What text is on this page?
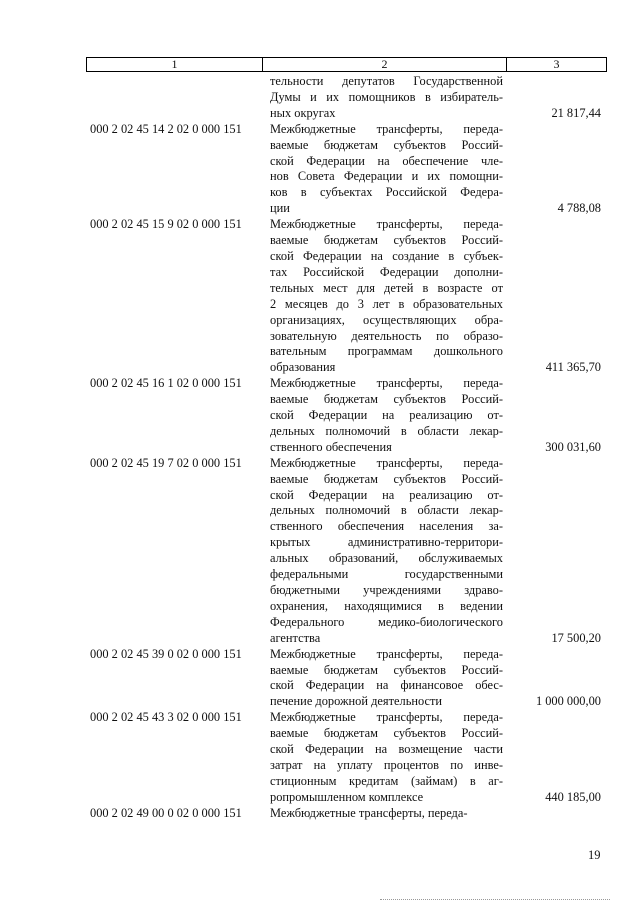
1	2	3
тельности депутатов Государственной
Думы и их помощников в избиратель-
ных округах	21 817,44
000 2 02 45 14 2 02 0 000 151	Межбюджетные трансферты, переда-
ваемые бюджетам субъектов Россий-
ской Федерации на обеспечение чле-
нов Совета Федерации и их помощни-
ков в субъектах Российской Федера-
ции	4 788,08
000 2 02 45 15 9 02 0 000 151	Межбюджетные трансферты, переда-
ваемые бюджетам субъектов Россий-
ской Федерации на создание в субъек-
тах Российской Федерации дополни-
тельных мест для детей в возрасте от
2 месяцев до 3 лет в образовательных
организациях, осуществляющих обра-
зовательную деятельность по образо-
вательным программам дошкольного
образования	411 365,70
000 2 02 45 16 1 02 0 000 151	Межбюджетные трансферты, переда-
ваемые бюджетам субъектов Россий-
ской Федерации на реализацию от-
дельных полномочий в области лекар-
ственного обеспечения	300 031,60
000 2 02 45 19 7 02 0 000 151	Межбюджетные трансферты, переда-
ваемые бюджетам субъектов Россий-
ской Федерации на реализацию от-
дельных полномочий в области лекар-
ственного обеспечения населения за-
крытых административно-территори-
альных образований, обслуживаемых
федеральными государственными
бюджетными учреждениями здраво-
охранения, находящимися в ведении
Федерального медико-биологического
агентства	17 500,20
000 2 02 45 39 0 02 0 000 151	Межбюджетные трансферты, переда-
ваемые бюджетам субъектов Россий-
ской Федерации на финансовое обес-
печение дорожной деятельности	1 000 000,00
000 2 02 45 43 3 02 0 000 151	Межбюджетные трансферты, переда-
ваемые бюджетам субъектов Россий-
ской Федерации на возмещение части
затрат на уплату процентов по инве-
стиционным кредитам (займам) в аг-
ропромышленном комплексе	440 185,00
000 2 02 49 00 0 02 0 000 151	Межбюджетные трансферты, переда-
19
